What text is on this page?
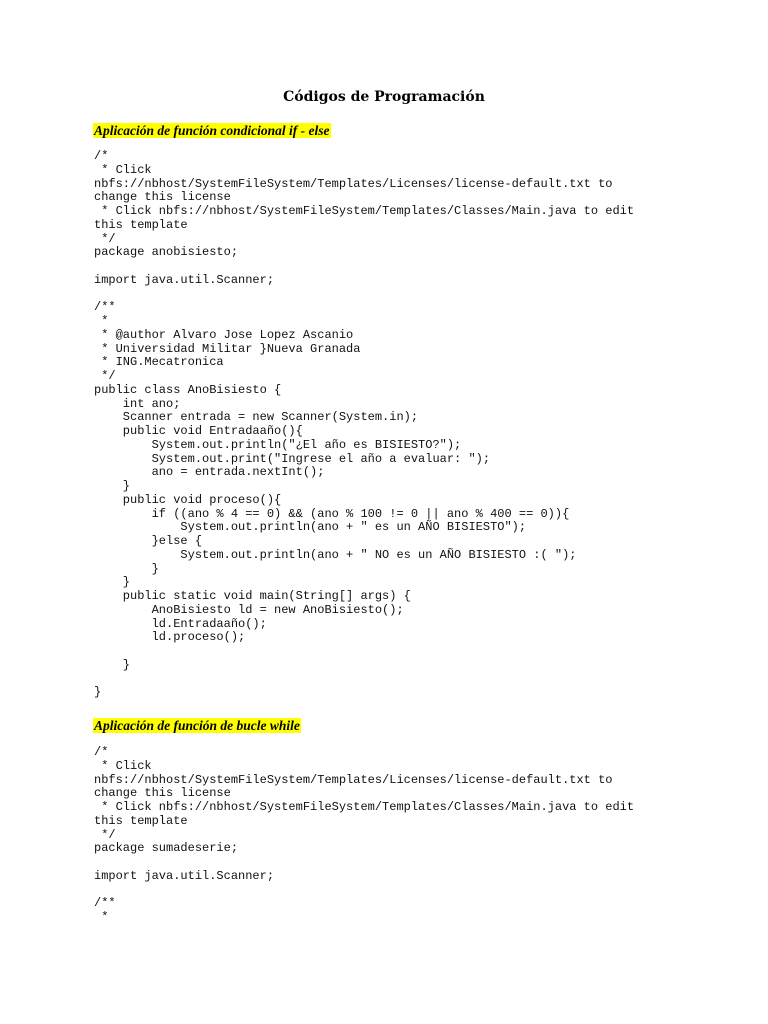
Códigos de Programación
Aplicación de función condicional if - else
/*
* Click
nbfs://nbhost/SystemFileSystem/Templates/Licenses/license-default.txt to
change this license
* Click nbfs://nbhost/SystemFileSystem/Templates/Classes/Main.java to edit
this template
*/
package anobisiesto;

import java.util.Scanner;

/**
*
* @author Alvaro Jose Lopez Ascanio
* Universidad Militar }Nueva Granada
* ING.Mecatronica
*/
public class AnoBisiesto {
int ano;
Scanner entrada = new Scanner(System.in);
public void Entradaaño(){
System.out.println("¿El año es BISIESTO?");
System.out.print("Ingrese el año a evaluar: ");
ano = entrada.nextInt();
}
public void proceso(){
if ((ano % 4 == 0) && (ano % 100 != 0 || ano % 400 == 0)){
System.out.println(ano + " es un AÑO BISIESTO");
}else {
System.out.println(ano + " NO es un AÑO BISIESTO :( ");
}
}
public static void main(String[] args) {
AnoBisiesto ld = new AnoBisiesto();
ld.Entradaaño();
ld.proceso();

}

}
Aplicación de función de bucle while
/*
* Click
nbfs://nbhost/SystemFileSystem/Templates/Licenses/license-default.txt to
change this license
* Click nbfs://nbhost/SystemFileSystem/Templates/Classes/Main.java to edit
this template
*/
package sumadeserie;

import java.util.Scanner;

/**
*
